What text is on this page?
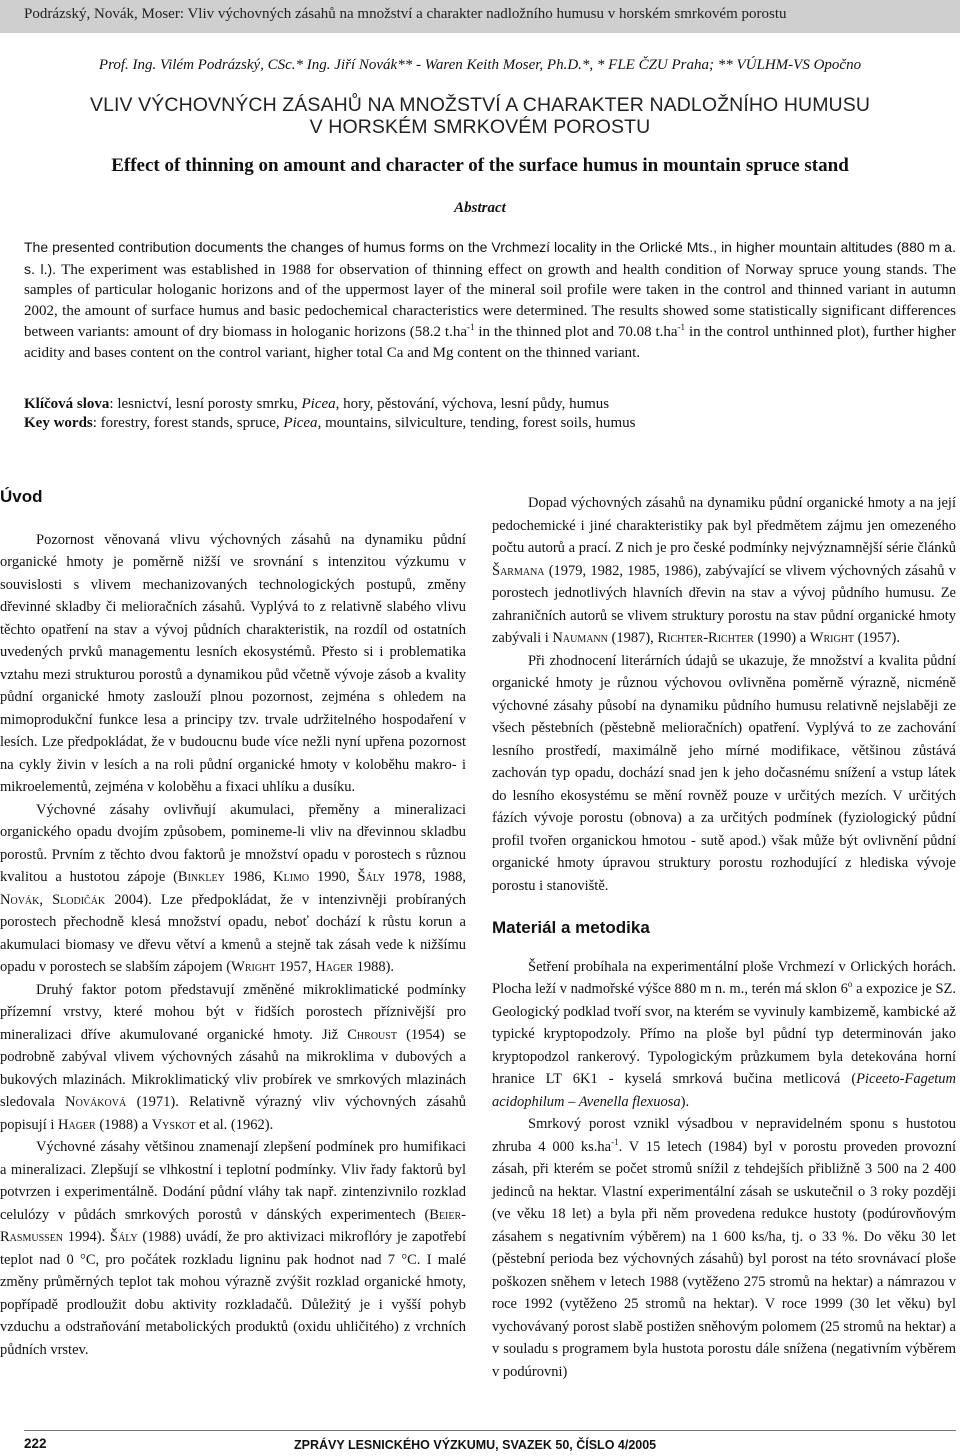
Podrázský, Novák, Moser: Vliv výchovných zásahů na množství a charakter nadložního humusu v horském smrkovém porostu
Prof. Ing. Vilém Podrázský, CSc.* Ing. Jiří Novák** - Waren Keith Moser, Ph.D.*, * FLE ČZU Praha; ** VÚLHM-VS Opočno
VLIV VÝCHOVNÝCH ZÁSAHŮ NA MNOŽSTVÍ A CHARAKTER NADLOŽNÍHO HUMUSU
V HORSKÉM SMRKOVÉM POROSTU
Effect of thinning on amount and character of the surface humus in mountain spruce stand
Abstract
The presented contribution documents the changes of humus forms on the Vrchmezí locality in the Orlické Mts., in higher mountain altitudes (880 m a. s. l.). The experiment was established in 1988 for observation of thinning effect on growth and health condition of Norway spruce young stands. The samples of particular hologanic horizons and of the uppermost layer of the mineral soil profile were taken in the control and thinned variant in autumn 2002, the amount of surface humus and basic pedochemical characteristics were determined. The results showed some statistically significant differences between variants: amount of dry biomass in hologanic horizons (58.2 $t.ha^{-1}$ in the thinned plot and 70.08 $t.ha^{-1}$ in the control unthinned plot), further higher acidity and bases content on the control variant, higher total Ca and Mg content on the thinned variant.
Klíčová slova: lesnictví, lesní porosty smrku, Picea, hory, pěstování, výchova, lesní půdy, humus
Key words: forestry, forest stands, spruce, Picea, mountains, silviculture, tending, forest soils, humus
Úvod

Pozornost věnovaná vlivu výchovných zásahů na dynamiku půdní organické hmoty je poměrně nižší ve srovnání s intenzitou výzkumu v souvislosti s vlivem mechanizovaných technologických postupů, změny dřevinné skladby či melioračních zásahů. Vyplývá to z relativně slabého vlivu těchto opatření na stav a vývoj půdních charakteristik, na rozdíl od ostatních uvedených prvků managementu lesních ekosystémů. Přesto si i problematika vztahu mezi strukturou porostů a dynamikou půd včetně vývoje zásob a kvality půdní organické hmoty zaslouží plnou pozornost, zejména s ohledem na mimoprodukční funkce lesa a principy tzv. trvale udržitelného hospodaření v lesích. Lze předpokládat, že v budoucnu bude více nežli nyní upřena pozornost na cykly živin v lesích a na roli půdní organické hmoty v koloběhu makro- i mikroelementů, zejména v koloběhu a fixaci uhlíku a dusíku.

Výchovné zásahy ovlivňují akumulaci, přeměny a mineralizaci organického opadu dvojím způsobem, pomineme-li vliv na dřevinnou skladbu porostů. Prvním z těchto dvou faktorů je množství opadu v porostech s různou kvalitou a hustotou zápoje (Binkley 1986, Klimo 1990, Šály 1978, 1988, Novák, Slodičák 2004). Lze předpokládat, že v intenzivněji probíraných porostech přechodně klesá množství opadu, neboť dochází k růstu korun a akumulaci biomasy ve dřevu větví a kmenů a stejně tak zásah vede k nižšímu opadu v porostech se slabším zápojem (Wright 1957, Hager 1988).

Druhý faktor potom představují změněné mikroklimatické podmínky přízemní vrstvy, které mohou být v řidších porostech příznivější pro mineralizaci dříve akumulované organické hmoty. Již Chroust (1954) se podrobně zabýval vlivem výchovných zásahů na mikroklima v dubových a bukových mlazinách. Mikroklimatický vliv probírek ve smrkových mlazinách sledovala Nováková (1971). Relativně výrazný vliv výchovných zásahů popisují i Hager (1988) a Vyskot et al. (1962).

Výchovné zásahy většinou znamenají zlepšení podmínek pro humifikaci a mineralizaci. Zlepšují se vlhkostní i teplotní podmínky. Vliv řady faktorů byl potvrzen i experimentálně. Dodání půdní vláhy tak např. zintenzivnilo rozklad celulózy v půdách smrkových porostů v dánských experimentech (Beier-Rasmussen 1994). Šály (1988) uvádí, že pro aktivizaci mikroflóry je zapotřebí teplot nad 0 °C, pro počátek rozkladu ligninu pak hodnot nad 7 °C. I malé změny průměrných teplot tak mohou výrazně zvýšit rozklad organické hmoty, popřípadě prodloužit dobu aktivity rozkladačů. Důležitý je i vyšší pohyb vzduchu a odstraňování metabolických produktů (oxidu uhličitého) z vrchních půdních vrstev.

Dopad výchovných zásahů na dynamiku půdní organické hmoty a na její pedochemické i jiné charakteristiky pak byl předmětem zájmu jen omezeného počtu autorů a prací. Z nich je pro české podmínky nejvýznamnější série článků Šarmana (1979, 1982, 1985, 1986), zabývající se vlivem výchovných zásahů v porostech jednotlivých hlavních dřevin na stav a vývoj půdního humusu. Ze zahraničních autorů se vlivem struktury porostu na stav půdní organické hmoty zabývali i Naumann (1987), Richter-Richter (1990) a Wright (1957).

Při zhodnocení literárních údajů se ukazuje, že množství a kvalita půdní organické hmoty je různou výchovou ovlivněna poměrně výrazně, nicméně výchovné zásahy působí na dynamiku půdního humusu relativně nejslaběji ze všech pěstebních (pěstebně melioračních) opatření. Vyplývá to ze zachování lesního prostředí, maximálně jeho mírné modifikace, většinou zůstává zachován typ opadu, dochází snad jen k jeho dočasnému snížení a vstup látek do lesního ekosystému se mění rovněž pouze v určitých mezích. V určitých fázích vývoje porostu (obnova) a za určitých podmínek (fyziologický půdní profil tvořen organickou hmotou - sutě apod.) však může být ovlivnění půdní organické hmoty úpravou struktury porostu rozhodující z hlediska vývoje porostu i stanoviště.

Materiál a metodika

Šetření probíhala na experimentální ploše Vrchmezí v Orlických horách. Plocha leží v nadmořské výšce 880 m n. m., terén má sklon 6$^o$ a expozice je SZ. Geologický podklad tvoří svor, na kterém se vyvinuly kambizemě, kambické až typické kryptopodzoly. Přímo na ploše byl půdní typ determinován jako kryptopodzol rankerový. Typologickým průzkumem byla detekována horní hranice LT 6K1 - kyselá smrková bučina metlicová (Piceeto-Fagetum acidophilum – Avenella flexuosa).

Smrkový porost vznikl výsadbou v nepravidelném sponu s hustotou zhruba 4 000 $ks.ha^{-1}$. V 15 letech (1984) byl v porostu proveden provozní zásah, při kterém se počet stromů snížil z tehdejších přibližně 3 500 na 2 400 jedinců na hektar. Vlastní experimentální zásah se uskutečnil o 3 roky později (ve věku 18 let) a byla při něm provedena redukce hustoty (podúrovňovým zásahem s negativním výběrem) na 1 600 ks/ha, tj. o 33 %. Do věku 30 let (pěstební perioda bez výchovných zásahů) byl porost na této srovnávací ploše poškozen sněhem v letech 1988 (vytěženo 275 stromů na hektar) a námrazou v roce 1992 (vytěženo 25 stromů na hektar). V roce 1999 (30 let věku) byl vychovávaný porost slabě postižen sněhovým polomem (25 stromů na hektar) a v souladu s programem byla hustota porostu dále snížena (negativním výběrem v podúrovni)

222	ZPRÁVY LESNICKÉHO VÝZKUMU, SVAZEK 50, ČÍSLO 4/2005
